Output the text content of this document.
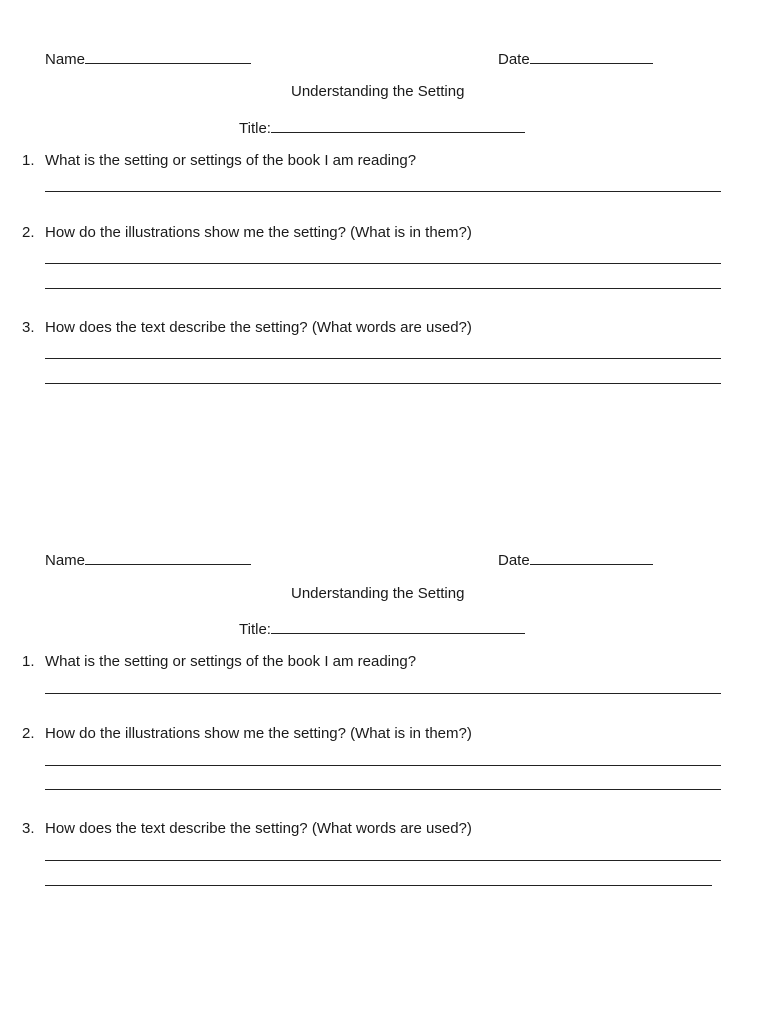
Name	Date
Understanding the Setting
Title:
1. What is the setting or settings of the book I am reading?
2. How do the illustrations show me the setting? (What is in them?)
3. How does the text describe the setting? (What words are used?)
Name	Date
Understanding the Setting
Title:
1. What is the setting or settings of the book I am reading?
2. How do the illustrations show me the setting? (What is in them?)
3. How does the text describe the setting? (What words are used?)
